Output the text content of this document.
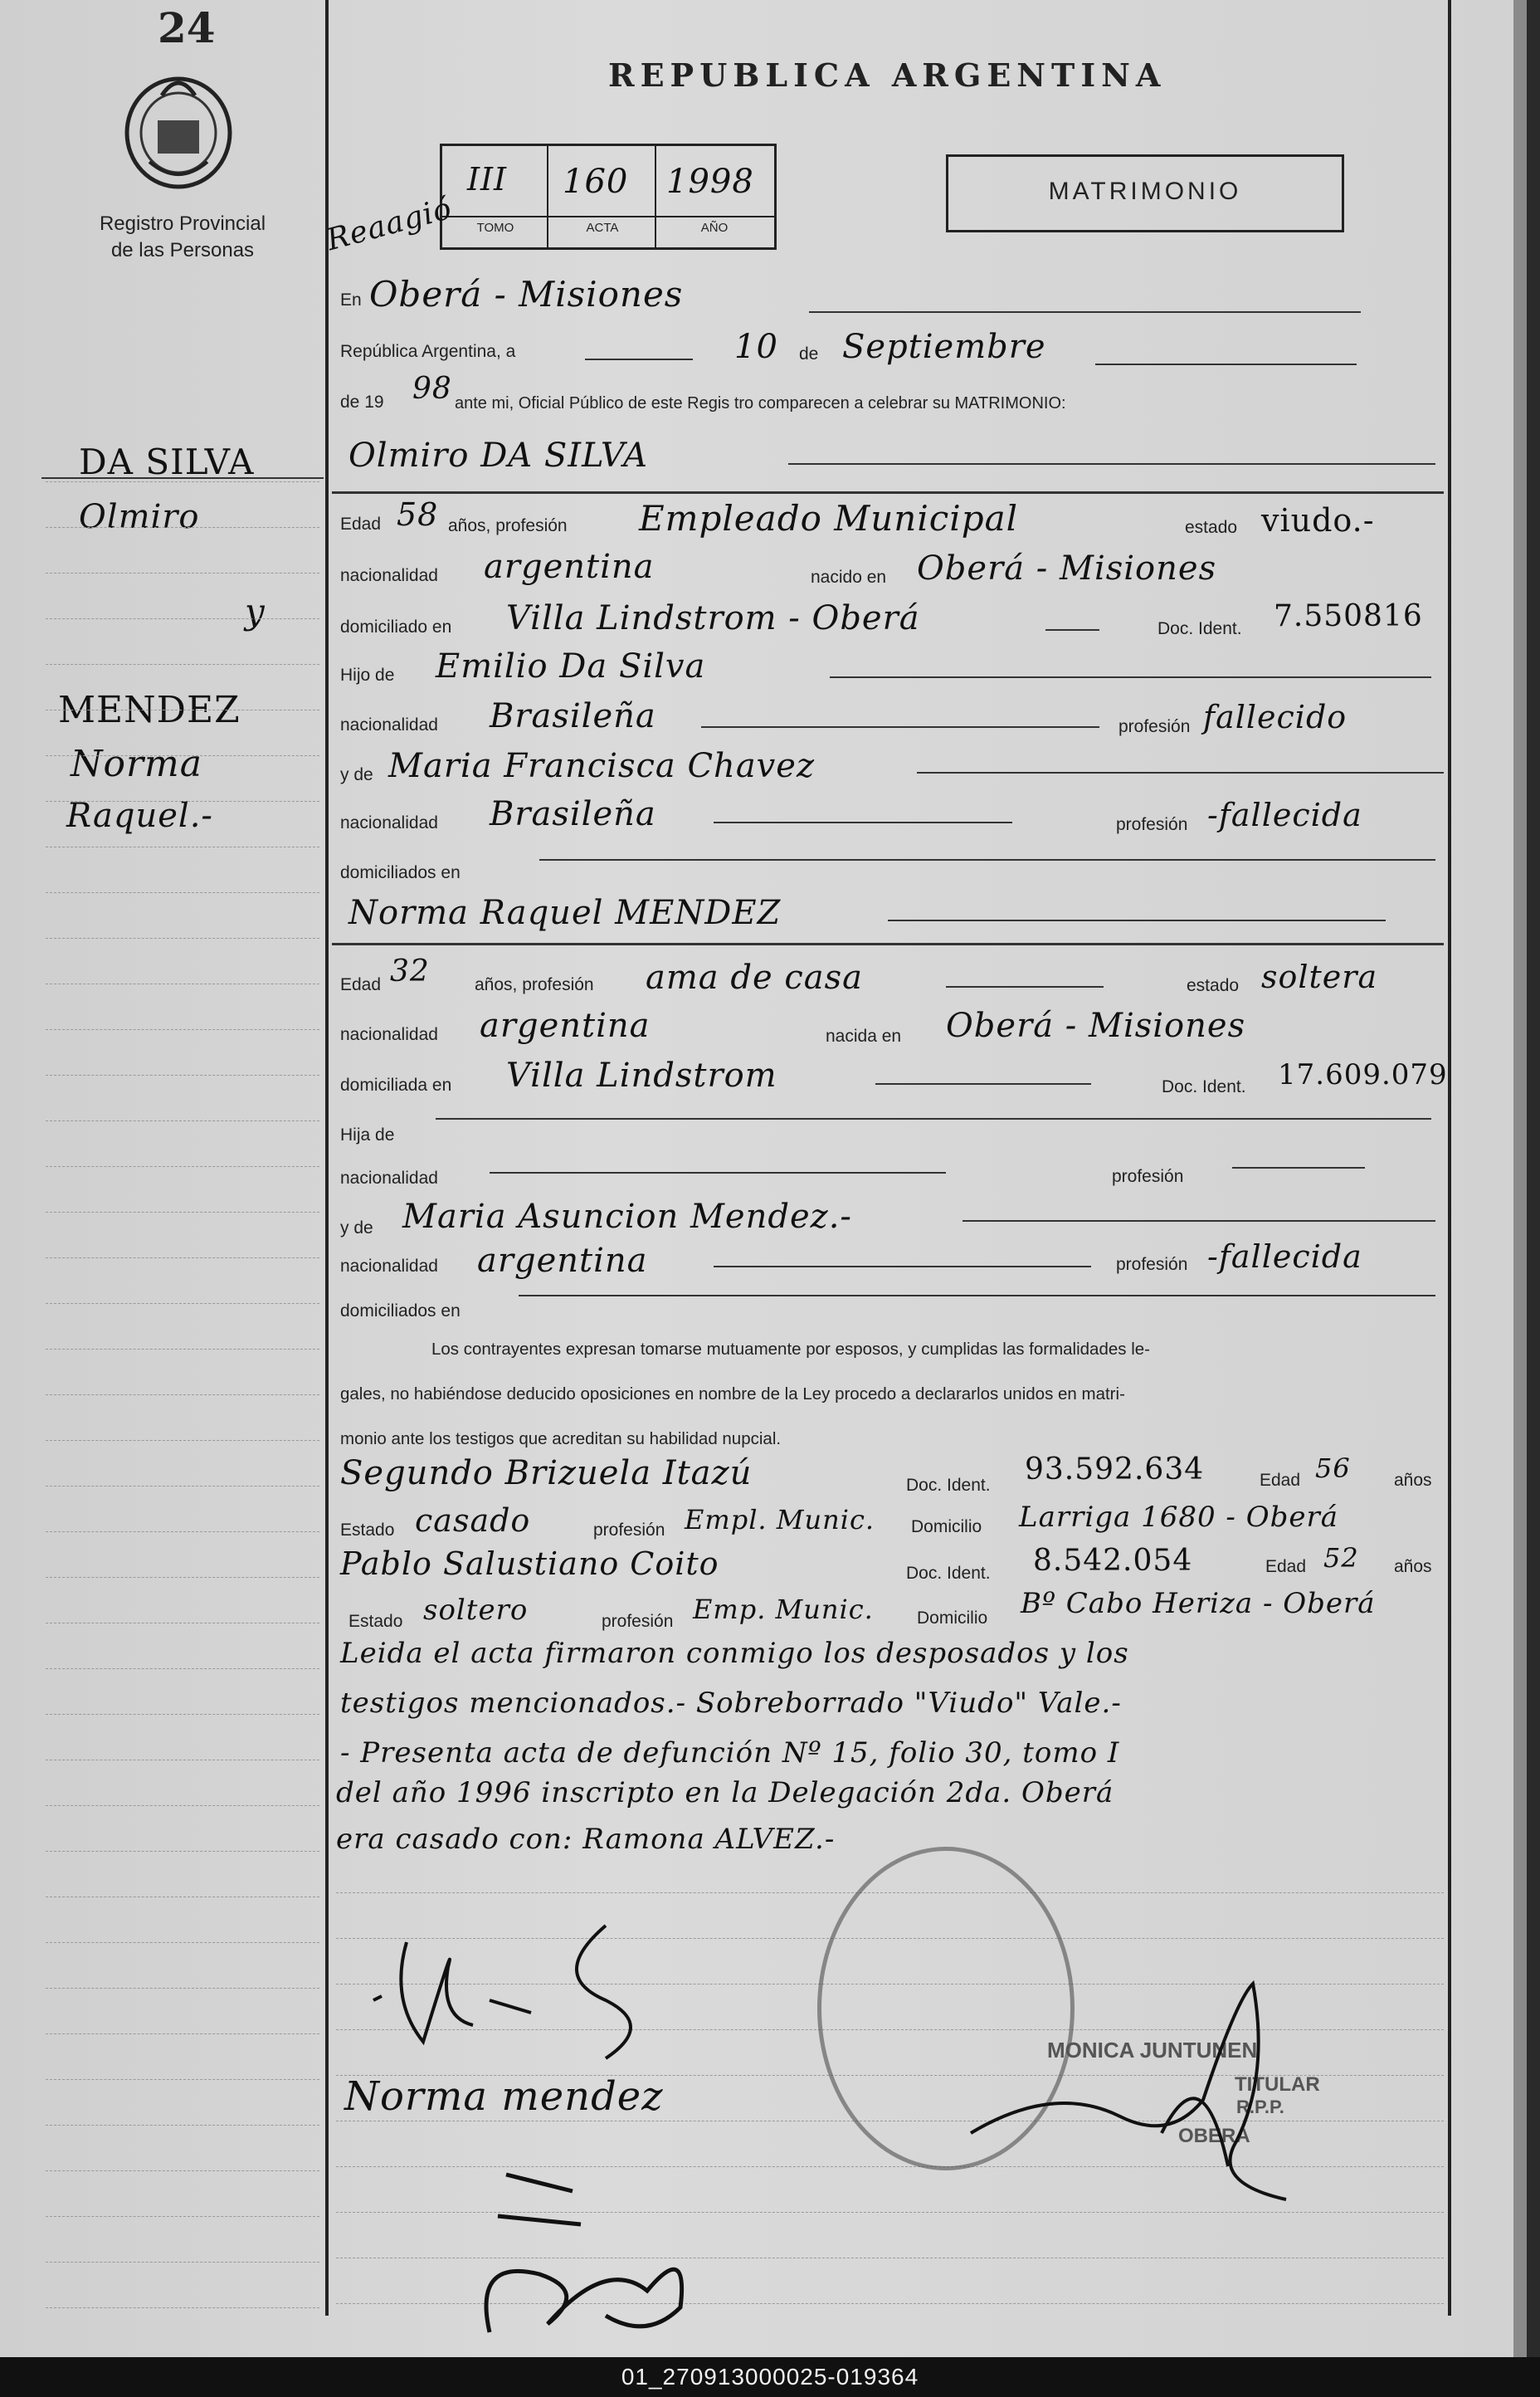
24
Registro Provincial
de las Personas
REPUBLICA ARGENTINA
III 160 1998
TOMO	ACTA	AÑO
Reaagió
MATRIMONIO
DA SILVA
Olmiro
y
MENDEZ
Norma
Raquel.-
En Oberá - Misiones
República Argentina, a	10 de Septiembre
de 19 98 ante mi, Oficial Público de este Regis tro comparecen a celebrar su MATRIMONIO:
Olmiro DA SILVA
Edad 58 años, profesión Empleado Municipal	estado viudo.-
nacionalidad argentina	nacido en Oberá - Misiones
domiciliado en Villa Lindstrom - Oberá	Doc. Ident. 7.550816
Hijo de Emilio Da Silva
nacionalidad Brasileña	profesión fallecido
y de Maria Francisca Chavez
nacionalidad Brasileña	profesión -fallecida
domiciliados en
Norma Raquel MENDEZ
Edad 32	años, profesión ama de casa	estado soltera
nacionalidad argentina	nacida en Oberá - Misiones
domiciliada en Villa Lindstrom	Doc. Ident. 17.609.079
Hija de
nacionalidad	profesión
y de Maria Asuncion Mendez.-
nacionalidad argentina	profesión -fallecida
domiciliados en
Los contrayentes expresan tomarse mutuamente por esposos, y cumplidas las formalidades le-
gales, no habiéndose deducido oposiciones en nombre de la Ley procedo a declararlos unidos en matri-
monio ante los testigos que acreditan su habilidad nupcial.
Segundo Brizuela Itazú	Doc. Ident. 93.592.634	Edad 56 años
Estado casado	profesión Empl. Munic. Domicilio Larriga 1680 - Oberá
Pablo Salustiano Coito	Doc. Ident. 8.542.054	Edad 52 años
Estado soltero	profesión Emp. Munic. Domicilio Bº Cabo Heriza - Oberá
Leida el acta firmaron conmigo los desposados y los
testigos mencionados.- Sobreborrado "Viudo" Vale.-
- Presenta acta de defunción Nº 15, folio 30, tomo I
del año 1996 inscripto en la Delegación 2da. Oberá
era casado con: Ramona ALVEZ.-
Norma mendez
MONICA JUNTUNEN
TITULAR
R.P.P.
OBERA
01_270913000025-019364
